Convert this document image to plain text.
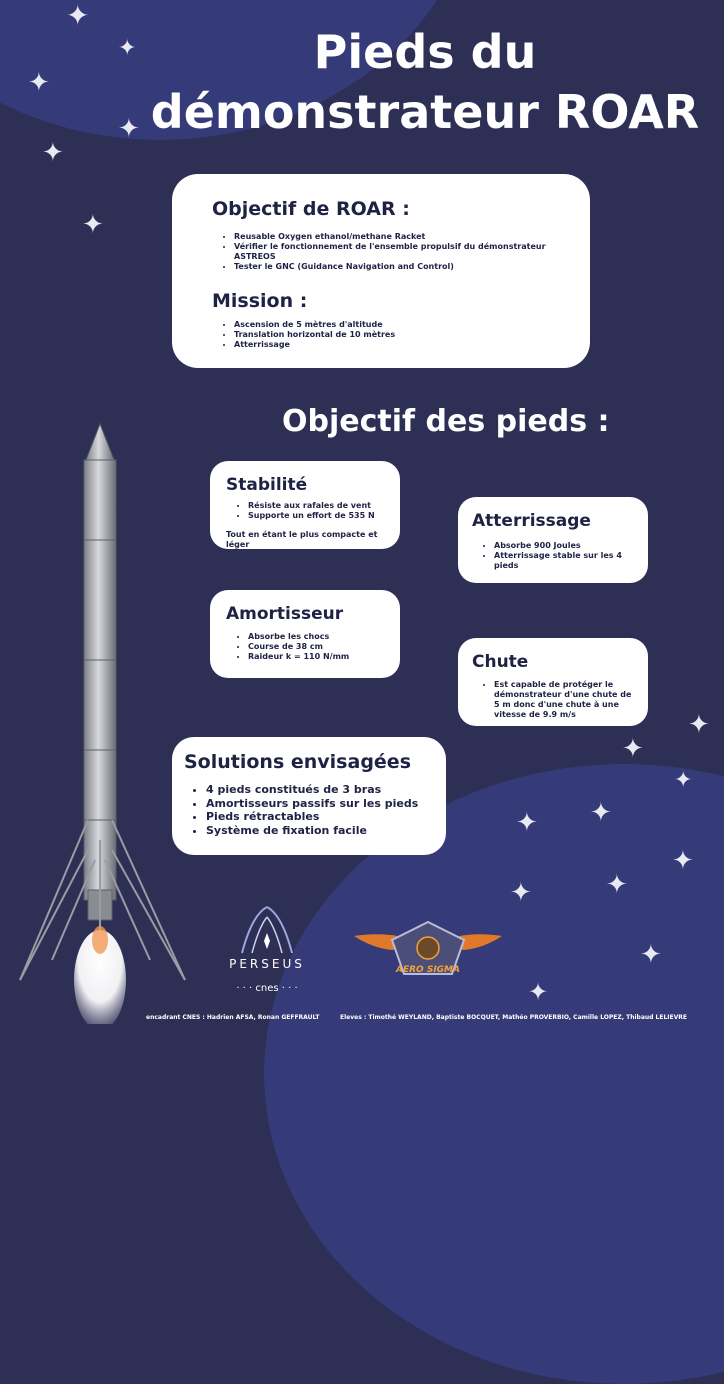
✦
✦
✦
✦
✦
✦
✦
✦
✦
✦
✦
✦
✦
✦
✦
✦
Pieds du démonstrateur ROAR
Objectif de ROAR :
• Reusable Oxygen ethanol/methane Racket
• Vérifier le fonctionnement de l'ensemble propulsif du démonstrateur ASTREOS
• Tester le GNC (Guidance Navigation and Control)
Mission :
• Ascension de 5 mètres d'altitude
• Translation horizontal de 10 mètres
• Atterrissage
Objectif des pieds :
Stabilité
• Résiste aux rafales de vent
• Supporte un effort de 535 N
Tout en étant le plus compacte et léger
Atterrissage
• Absorbe 900 Joules
• Atterrissage stable sur les 4 pieds
Amortisseur
• Absorbe les chocs
• Course de 38 cm
• Raideur k = 110 N/mm	Chute
• Est capable de protéger le démonstrateur d'une chute de 5 m donc d'une chute à une vitesse de 9.9 m/s
Solutions envisagées
• 4 pieds constitués de 3 bras
• Amortisseurs passifs sur les pieds
• Pieds rétractables
• Système de fixation facile
PERSEUS
· · · cnes · · ·
AERO SIGMA
encadrant CNES : Hadrien AFSA, Ronan GEFFRAULT	Eleves : Timothé WEYLAND, Baptiste BOCQUET, Mathéo PROVERBIO, Camille LOPEZ, Thibaud LELIEVRE
